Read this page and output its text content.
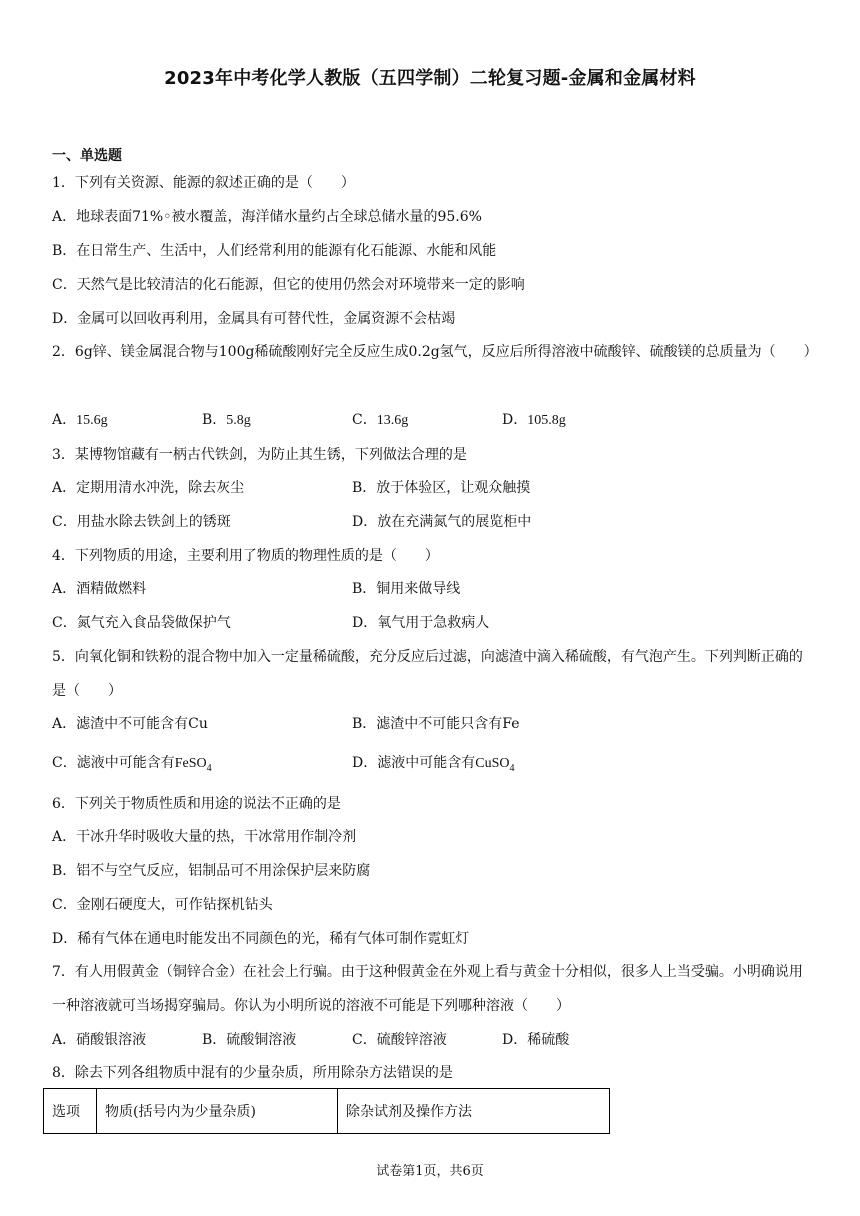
2023年中考化学人教版（五四学制）二轮复习题-金属和金属材料
一、单选题
1．下列有关资源、能源的叙述正确的是（　　）
A．地球表面71%◦被水覆盖，海洋储水量约占全球总储水量的95.6%
B．在日常生产、生活中，人们经常利用的能源有化石能源、水能和风能
C．天然气是比较清洁的化石能源，但它的使用仍然会对环境带来一定的影响
D．金属可以回收再利用，金属具有可替代性，金属资源不会枯竭
2．6g锌、镁金属混合物与100g稀硫酸刚好完全反应生成0.2g氢气，反应后所得溶液中硫酸锌、硫酸镁的总质量为（　　）
A．15.6g	B．5.8g	C．13.6g	D．105.8g
3．某博物馆藏有一柄古代铁剑，为防止其生锈，下列做法合理的是
A．定期用清水冲洗，除去灰尘	B．放于体验区，让观众触摸
C．用盐水除去铁剑上的锈斑	D．放在充满氮气的展览柜中
4．下列物质的用途，主要利用了物质的物理性质的是（　　）
A．酒精做燃料	B．铜用来做导线
C．氮气充入食品袋做保护气	D．氧气用于急救病人
5．向氧化铜和铁粉的混合物中加入一定量稀硫酸，充分反应后过滤，向滤渣中滴入稀硫酸，有气泡产生。下列判断正确的是（　　）
A．滤渣中不可能含有Cu	B．滤渣中不可能只含有Fe
C．滤液中可能含有FeSO$_4$	D．滤液中可能含有CuSO$_4$
6．下列关于物质性质和用途的说法不正确的是
A．干冰升华时吸收大量的热，干冰常用作制冷剂
B．铝不与空气反应，铝制品可不用涂保护层来防腐
C．金刚石硬度大，可作钻探机钻头
D．稀有气体在通电时能发出不同颜色的光，稀有气体可制作霓虹灯
7．有人用假黄金（铜锌合金）在社会上行骗。由于这种假黄金在外观上看与黄金十分相似，很多人上当受骗。小明确说用一种溶液就可当场揭穿骗局。你认为小明所说的溶液不可能是下列哪种溶液（　　）
A．硝酸银溶液	B．硫酸铜溶液	C．硫酸锌溶液	D．稀硫酸
8．除去下列各组物质中混有的少量杂质，所用除杂方法错误的是
选项	物质(括号内为少量杂质)	除杂试剂及操作方法
试卷第1页，共6页
